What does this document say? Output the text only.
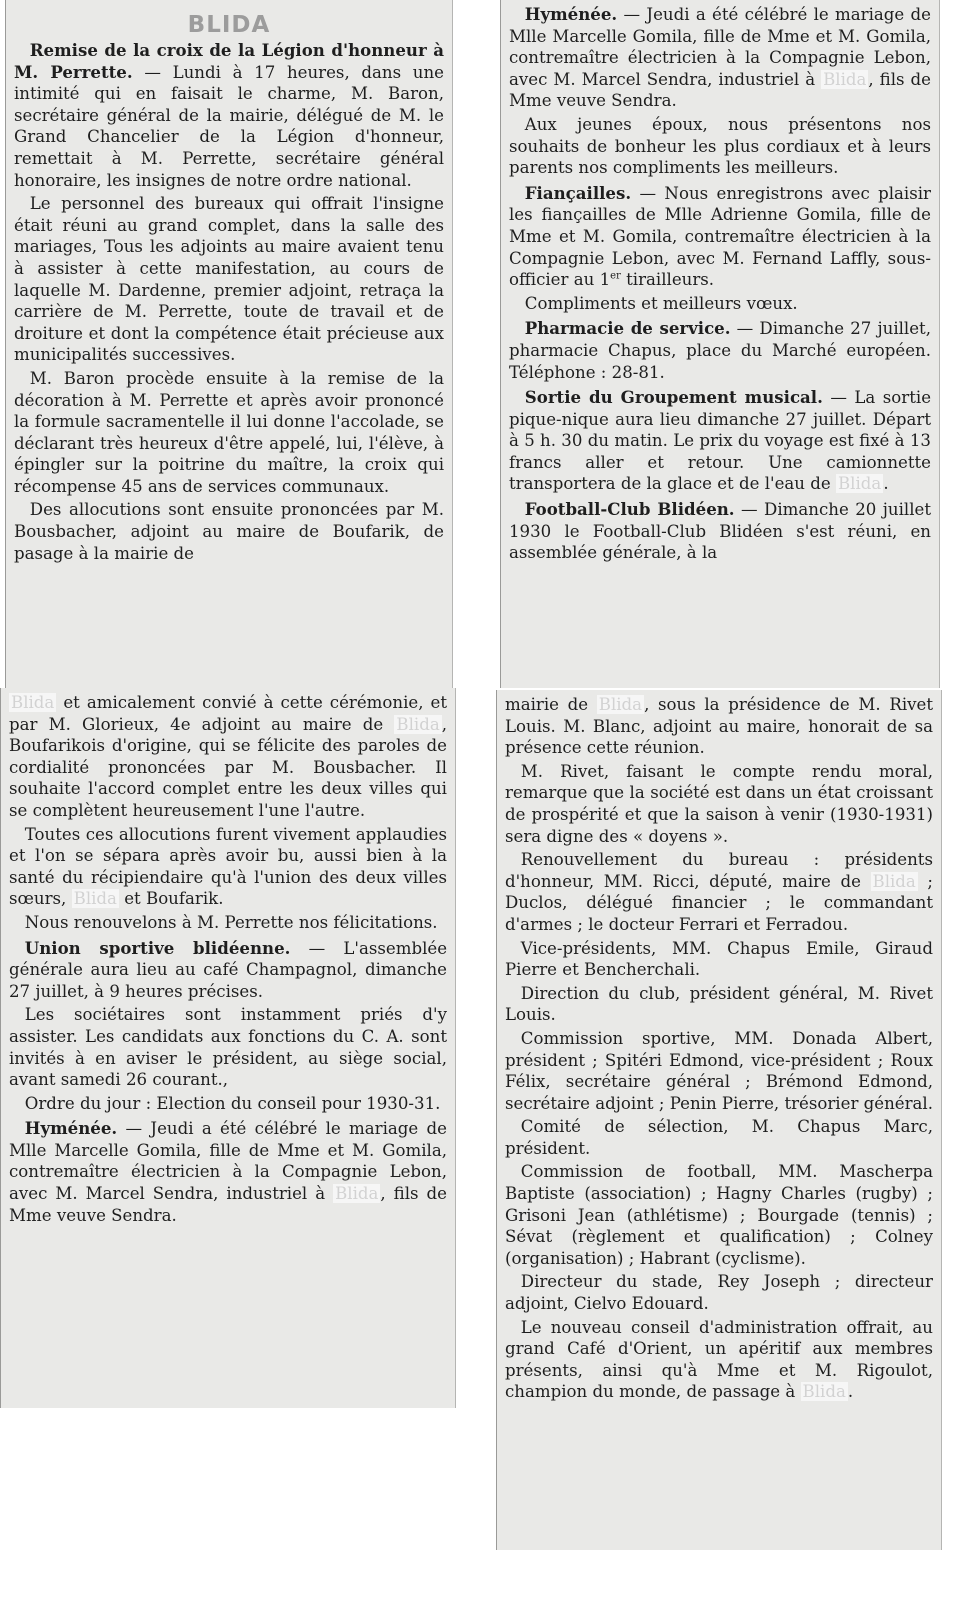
BLIDA

Remise de la croix de la Légion d'honneur à M. Perrette. — Lundi à 17 heures, dans une intimité qui en faisait le charme, M. Baron, secrétaire général de la mairie, délégué de M. le Grand Chancelier de la Légion d'honneur, remettait à M. Perrette, secrétaire général honoraire, les insignes de notre ordre national.

Le personnel des bureaux qui offrait l'insigne était réuni au grand complet, dans la salle des mariages, Tous les adjoints au maire avaient tenu à assister à cette manifestation, au cours de laquelle M. Dardenne, premier adjoint, retraça la carrière de M. Perrette, toute de travail et de droiture et dont la compétence était précieuse aux municipalités successives.

M. Baron procède ensuite à la remise de la décoration à M. Perrette et après avoir prononcé la formule sacramentelle il lui donne l'accolade, se déclarant très heureux d'être appelé, lui, l'élève, à épingler sur la poitrine du maître, la croix qui récompense 45 ans de services communaux.

Des allocutions sont ensuite prononcées par M. Bousbacher, adjoint au maire de Boufarik, de pasage à la mairie de

Blida et amicalement convié à cette cérémonie, et par M. Glorieux, 4e adjoint au maire de Blida , Boufarikois d'origine, qui se félicite des paroles de cordialité prononcées par M. Bousbacher. Il souhaite l'accord complet entre les deux villes qui se complètent heureusement l'une l'autre.

Toutes ces allocutions furent vivement applaudies et l'on se sépara après avoir bu, aussi bien à la santé du récipiendaire qu'à l'union des deux villes sœurs, Blida et Boufarik.

Nous renouvelons à M. Perrette nos félicitations.

Union sportive blidéenne. — L'assemblée générale aura lieu au café Champagnol, dimanche 27 juillet, à 9 heures précises.

Les sociétaires sont instamment priés d'y assister. Les candidats aux fonctions du C. A. sont invités à en aviser le président, au siège social, avant samedi 26 courant.,

Ordre du jour : Election du conseil pour 1930-31.

Hyménée. — Jeudi a été célébré le mariage de Mlle Marcelle Gomila, fille de Mme et M. Gomila, contremaître électricien à la Compagnie Lebon, avec M. Marcel Sendra, industriel à Blida , fils de Mme veuve Sendra.

Hyménée. — Jeudi a été célébré le mariage de Mlle Marcelle Gomila, fille de Mme et M. Gomila, contremaître électricien à la Compagnie Lebon, avec M. Marcel Sendra, industriel à Blida , fils de Mme veuve Sendra.

Aux jeunes époux, nous présentons nos souhaits de bonheur les plus cordiaux et à leurs parents nos compliments les meilleurs.

Fiançailles. — Nous enregistrons avec plaisir les fiançailles de Mlle Adrienne Gomila, fille de Mme et M. Gomila, contremaître électricien à la Compagnie Lebon, avec M. Fernand Laffly, sous-officier au 1er tirailleurs.

Compliments et meilleurs vœux.

Pharmacie de service. — Dimanche 27 juillet, pharmacie Chapus, place du Marché européen. Téléphone : 28-81.

Sortie du Groupement musical. — La sortie pique-nique aura lieu dimanche 27 juillet. Départ à 5 h. 30 du matin. Le prix du voyage est fixé à 13 francs aller et retour. Une camionnette transportera de la glace et de l'eau de Blida .

Football-Club Blidéen. — Dimanche 20 juillet 1930 le Football-Club Blidéen s'est réuni, en assemblée générale, à la

mairie de Blida , sous la présidence de M. Rivet Louis. M. Blanc, adjoint au maire, honorait de sa présence cette réunion.

M. Rivet, faisant le compte rendu moral, remarque que la société est dans un état croissant de prospérité et que la saison à venir (1930-1931) sera digne des « doyens ».

Renouvellement du bureau : présidents d'honneur, MM. Ricci, député, maire de Blida ; Duclos, délégué financier ; le commandant d'armes ; le docteur Ferrari et Ferradou.

Vice-présidents, MM. Chapus Emile, Giraud Pierre et Bencherchali.

Direction du club, président général, M. Rivet Louis.

Commission sportive, MM. Donada Albert, président ; Spitéri Edmond, vice-président ; Roux Félix, secrétaire général ; Brémond Edmond, secrétaire adjoint ; Penin Pierre, trésorier général.

Comité de sélection, M. Chapus Marc, président.

Commission de football, MM. Mascherpa Baptiste (association) ; Hagny Charles (rugby) ; Grisoni Jean (athlétisme) ; Bourgade (tennis) ; Sévat (règlement et qualification) ; Colney (organisation) ; Habrant (cyclisme).

Directeur du stade, Rey Joseph ; directeur adjoint, Cielvo Edouard.

Le nouveau conseil d'administration offrait, au grand Café d'Orient, un apéritif aux membres présents, ainsi qu'à Mme et M. Rigoulot, champion du monde, de passage à Blida .
